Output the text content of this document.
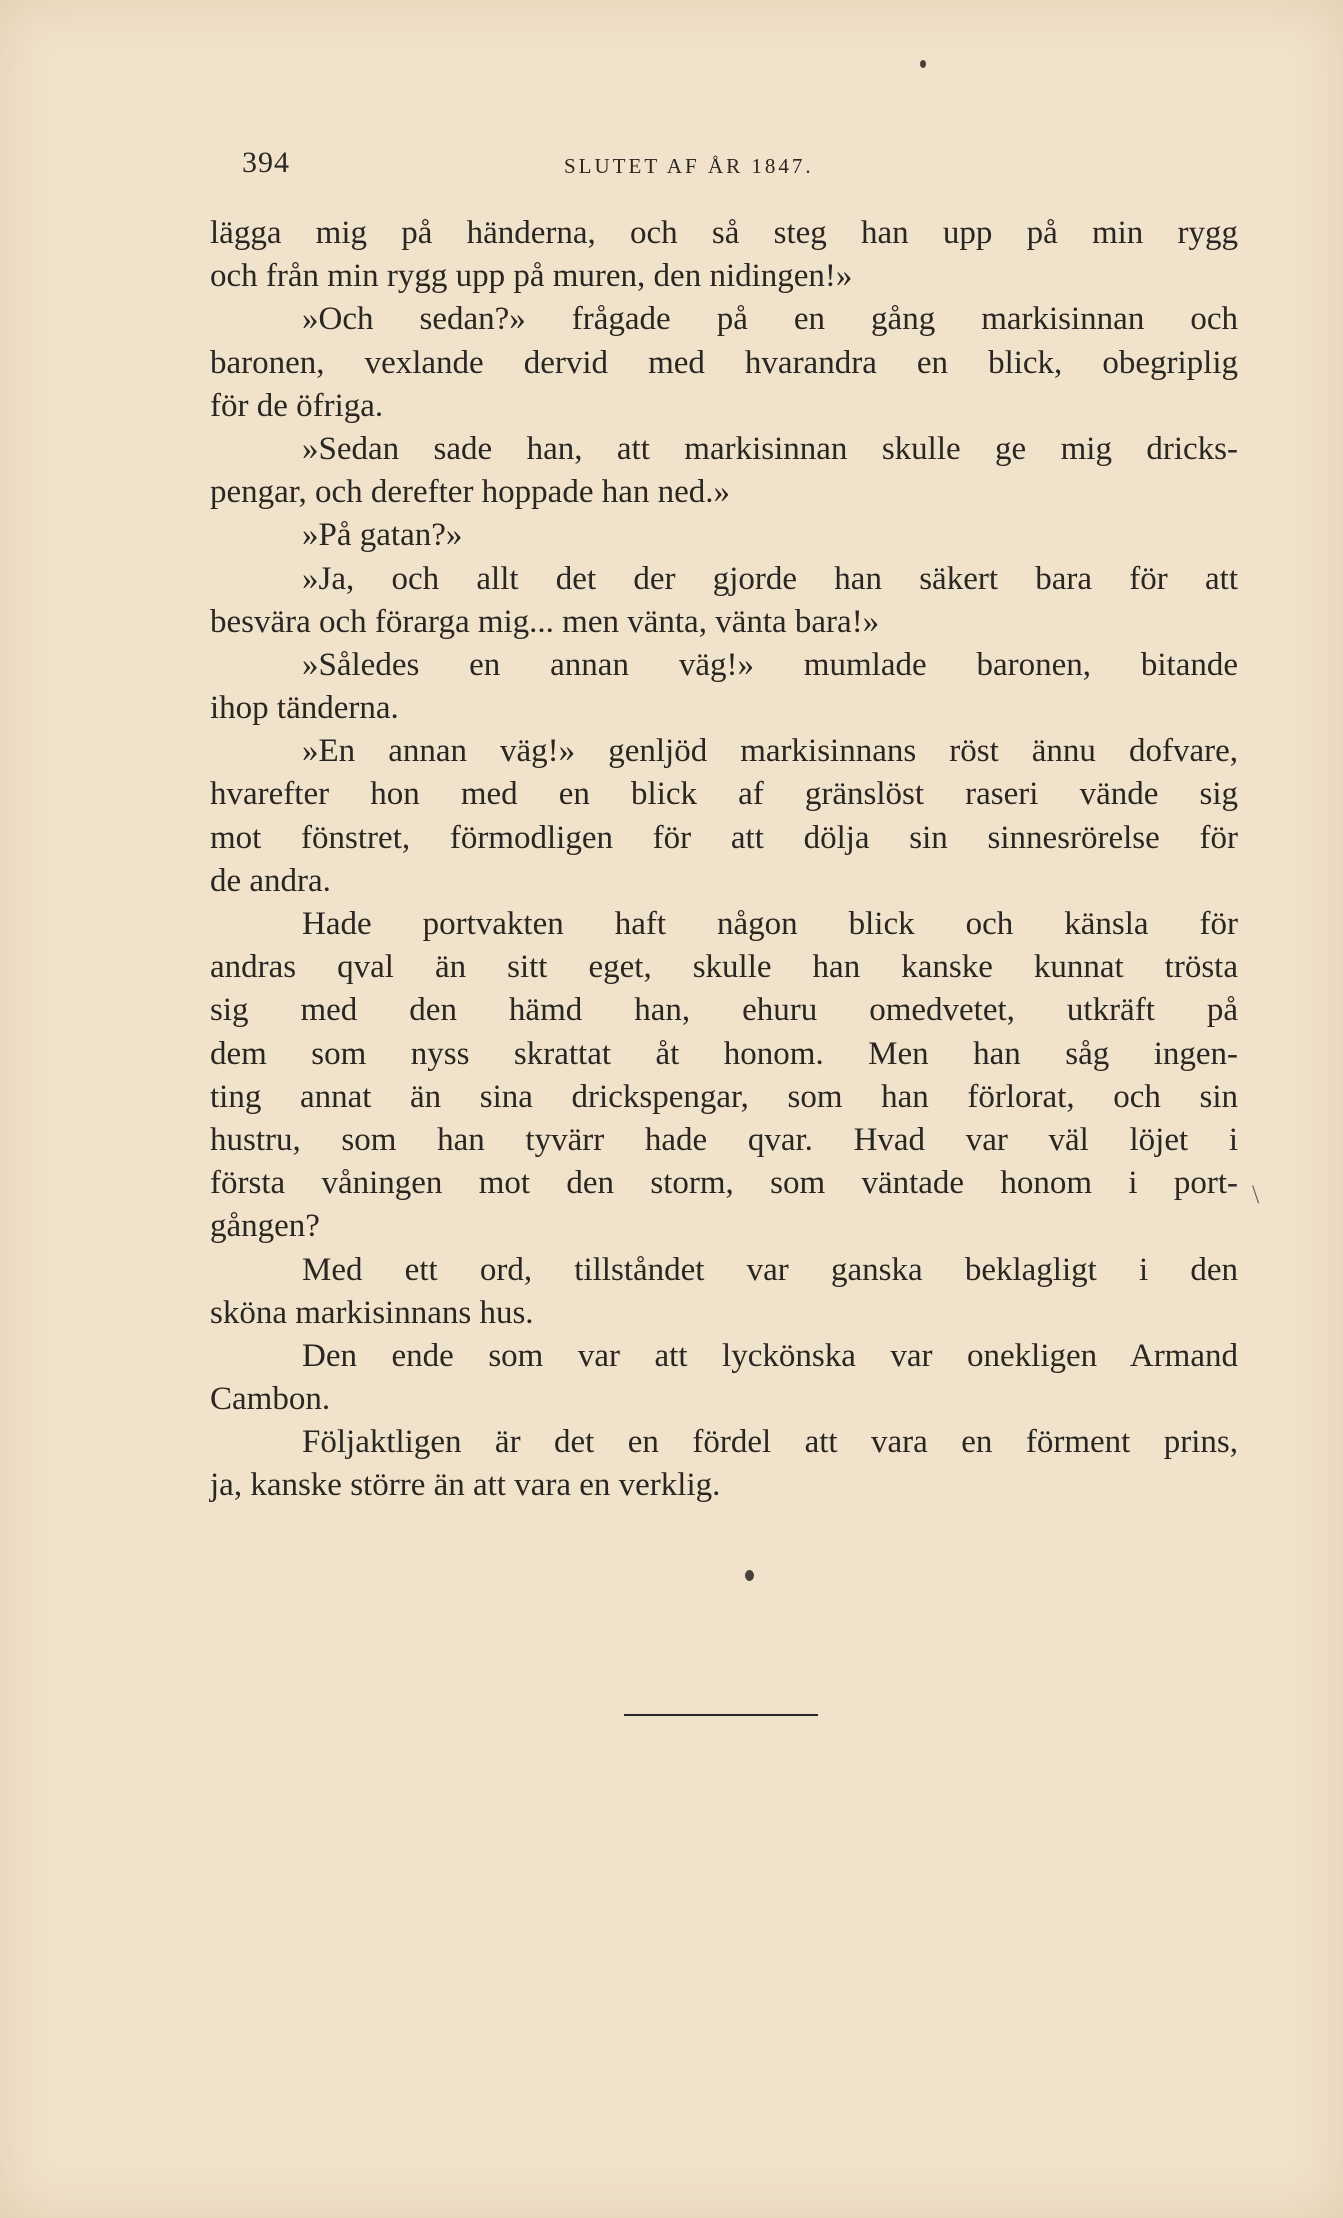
394	SLUTET AF ÅR 1847.
lägga mig på händerna, och så steg han upp på min rygg
och från min rygg upp på muren, den nidingen!»
»Och sedan?» frågade på en gång markisinnan och
baronen, vexlande dervid med hvarandra en blick, obegriplig
för de öfriga.
»Sedan sade han, att markisinnan skulle ge mig dricks-
pengar, och derefter hoppade han ned.»
»På gatan?»
»Ja, och allt det der gjorde han säkert bara för att
besvära och förarga mig... men vänta, vänta bara!»
»Således en annan väg!» mumlade baronen, bitande
ihop tänderna.
»En annan väg!» genljöd markisinnans röst ännu dofvare,
hvarefter hon med en blick af gränslöst raseri vände sig
mot fönstret, förmodligen för att dölja sin sinnesrörelse för
de andra.
Hade portvakten haft någon blick och känsla för
andras qval än sitt eget, skulle han kanske kunnat trösta
sig med den hämd han, ehuru omedvetet, utkräft på
dem som nyss skrattat åt honom. Men han såg ingen-
ting annat än sina drickspengar, som han förlorat, och sin
hustru, som han tyvärr hade qvar. Hvad var väl löjet i
första våningen mot den storm, som väntade honom i port-
gången?
Med ett ord, tillståndet var ganska beklagligt i den
sköna markisinnans hus.
Den ende som var att lyckönska var onekligen Armand
Cambon.
Följaktligen är det en fördel att vara en förment prins,
ja, kanske större än att vara en verklig.
\
